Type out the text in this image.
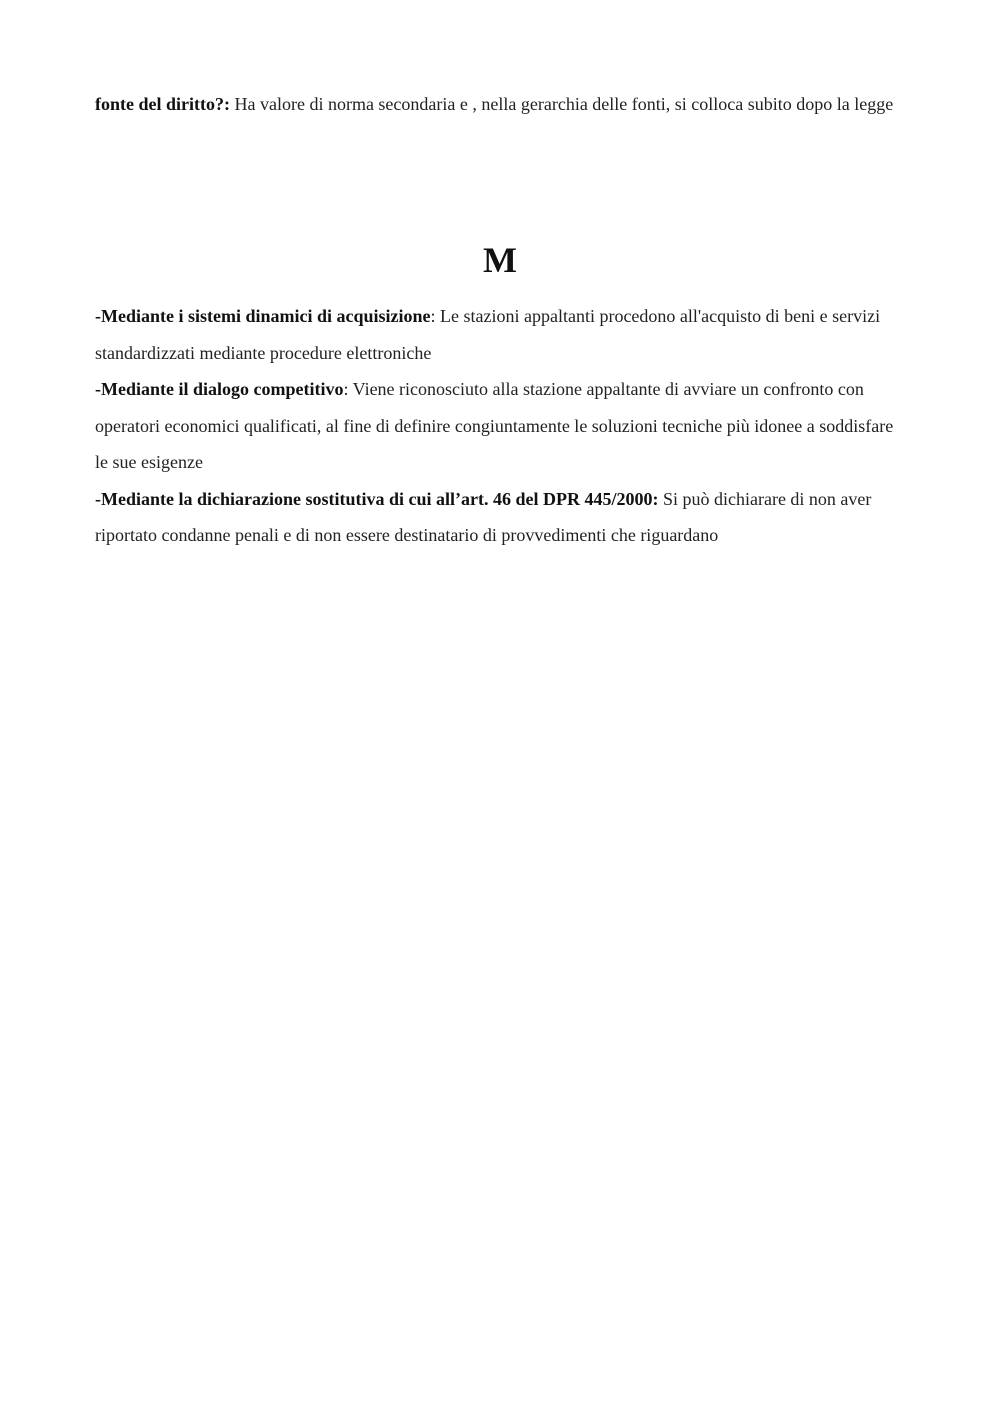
fonte del diritto?: Ha valore di norma secondaria e , nella gerarchia delle fonti, si colloca subito dopo la legge

M

-Mediante i sistemi dinamici di acquisizione: Le stazioni appaltanti procedono all'acquisto di beni e servizi standardizzati mediante procedure elettroniche

-Mediante il dialogo competitivo: Viene riconosciuto alla stazione appaltante di avviare un confronto con operatori economici qualificati, al fine di definire congiuntamente le soluzioni tecniche più idonee a soddisfare le sue esigenze

-Mediante la dichiarazione sostitutiva di cui all’art. 46 del DPR 445/2000: Si può dichiarare di non aver riportato condanne penali e di non essere destinatario di provvedimenti che riguardano
